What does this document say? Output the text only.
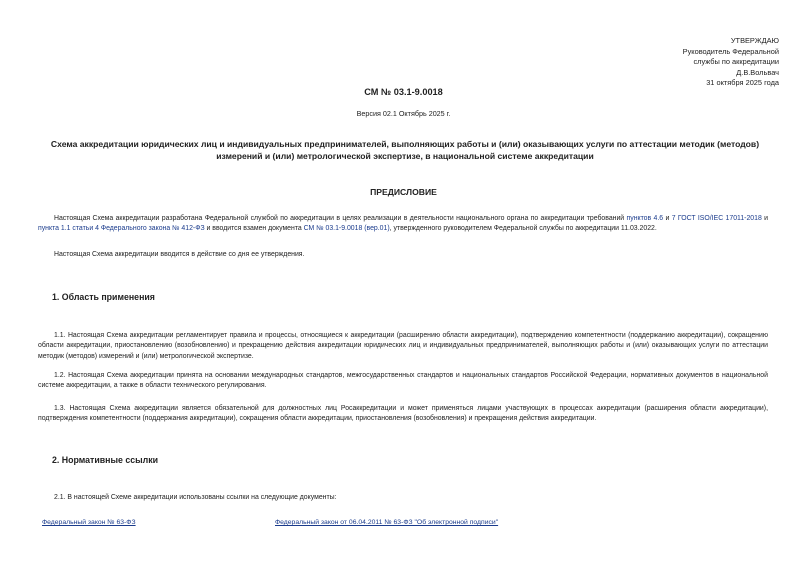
УТВЕРЖДАЮ
Руководитель Федеральной
службы по аккредитации
Д.В.Вольвач
31 октября 2025 года
СМ № 03.1-9.0018
Версия 02.1 Октябрь 2025 г.
Схема аккредитации юридических лиц и индивидуальных предпринимателей, выполняющих работы и (или) оказывающих услуги по аттестации методик (методов) измерений и (или) метрологической экспертизе, в национальной системе аккредитации
ПРЕДИСЛОВИЕ
Настоящая Схема аккредитации разработана Федеральной службой по аккредитации в целях реализации в деятельности национального органа по аккредитации требований пунктов 4.6 и 7 ГОСТ ISO/IEC 17011-2018 и пункта 1.1 статьи 4 Федерального закона № 412-ФЗ и вводится взамен документа СМ № 03.1-9.0018 (вер.01), утвержденного руководителем Федеральной службы по аккредитации 11.03.2022.
Настоящая Схема аккредитации вводится в действие со дня ее утверждения.
1. Область применения
1.1. Настоящая Схема аккредитации регламентирует правила и процессы, относящиеся к аккредитации (расширению области аккредитации), подтверждению компетентности (поддержанию аккредитации), сокращению области аккредитации, приостановлению (возобновлению) и прекращению действия аккредитации юридических лиц и индивидуальных предпринимателей, выполняющих работы и (или) оказывающих услуги по аттестации методик (методов) измерений и (или) метрологической экспертизе.
1.2. Настоящая Схема аккредитации принята на основании международных стандартов, межгосударственных стандартов и национальных стандартов Российской Федерации, нормативных документов в национальной системе аккредитации, а также в области технического регулирования.
1.3. Настоящая Схема аккредитации является обязательной для должностных лиц Росаккредитации и может применяться лицами участвующих в процессах аккредитации (расширения области аккредитации), подтверждения компетентности (поддержания аккредитации), сокращения области аккредитации, приостановления (возобновления) и прекращения действия аккредитации.
2. Нормативные ссылки
2.1. В настоящей Схеме аккредитации использованы ссылки на следующие документы:
Федеральный закон № 63-ФЗ	Федеральный закон от 06.04.2011 № 63-ФЗ "Об электронной подписи"
